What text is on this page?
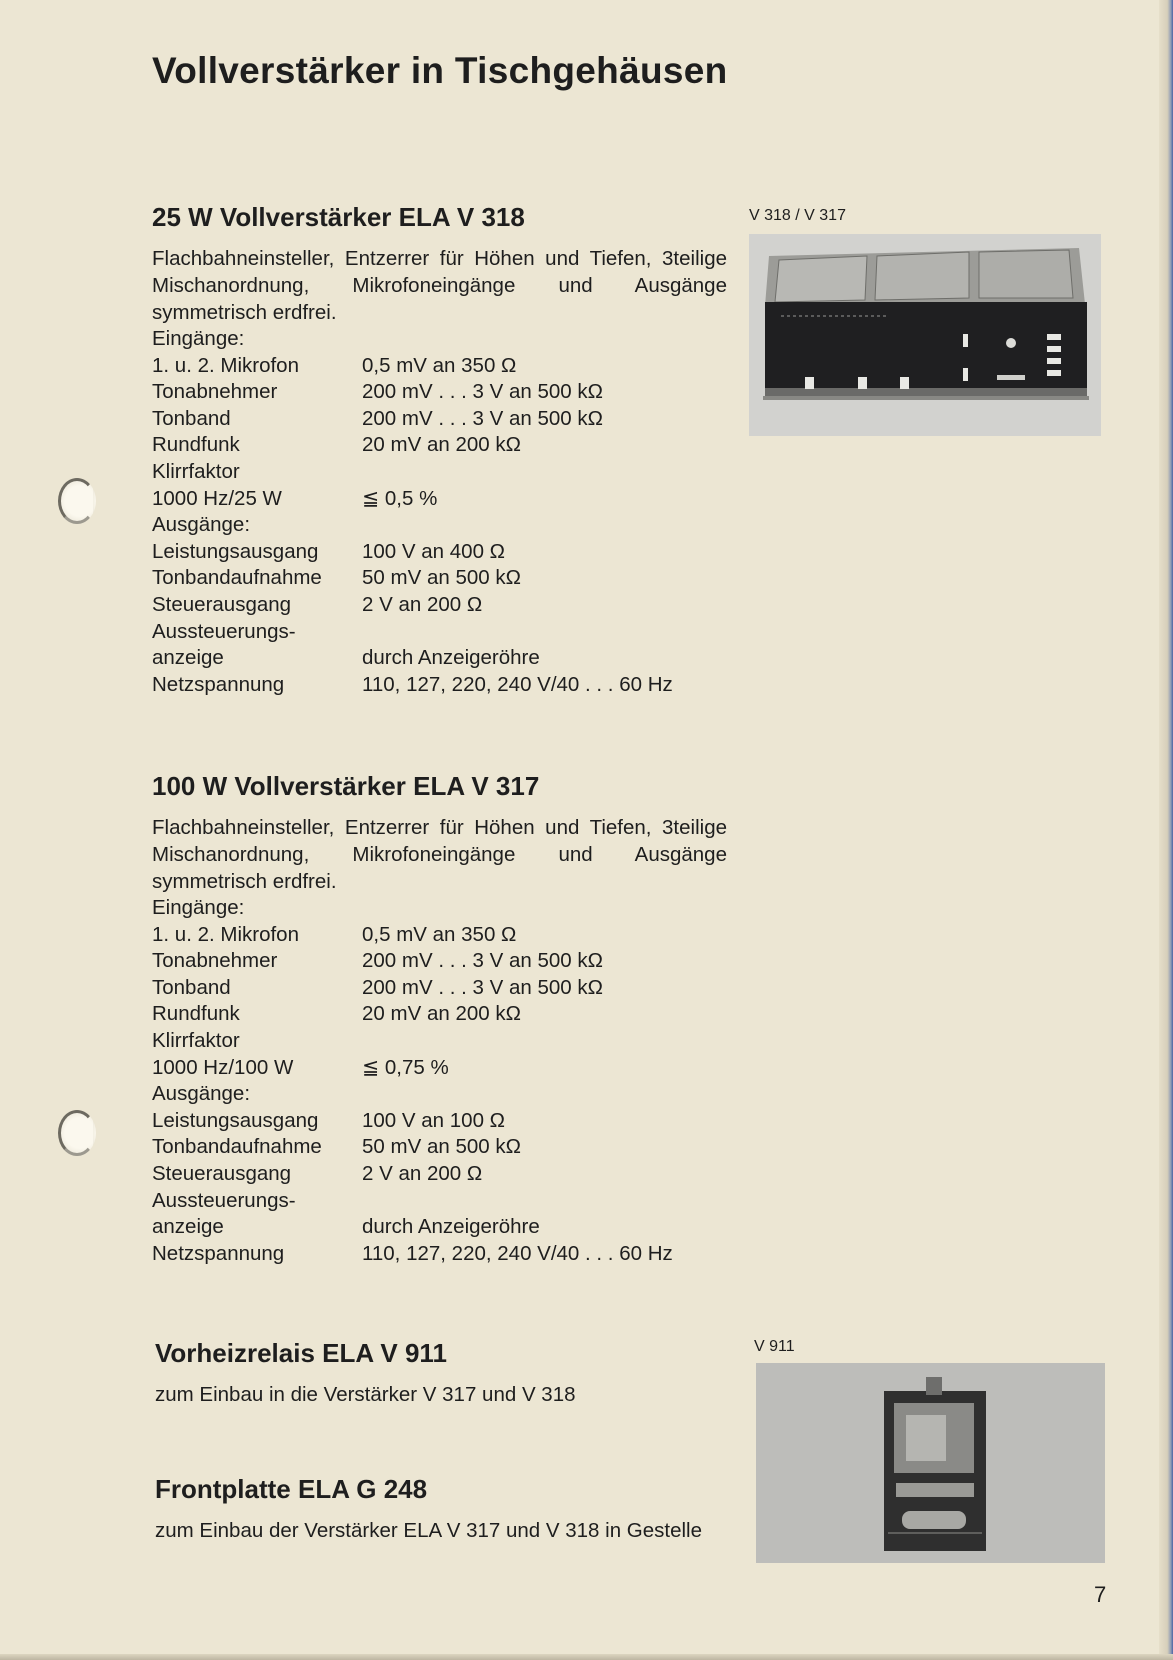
Vollverstärker in Tischgehäusen
25 W Vollverstärker ELA V 318

Flachbahneinsteller, Entzerrer für Höhen und Tiefen, 3teilige Mischanordnung, Mikrofoneingänge und Ausgänge symmetrisch erdfrei.

Eingänge:
1. u. 2. Mikrofon	0,5 mV an 350 Ω
Tonabnehmer	200 mV . . . 3 V an 500 kΩ
Tonband	200 mV . . . 3 V an 500 kΩ
Rundfunk	20 mV an 200 kΩ
Klirrfaktor
1000 Hz/25 W	≦ 0,5 %
Ausgänge:
Leistungsausgang	100 V an 400 Ω
Tonbandaufnahme	50 mV an 500 kΩ
Steuerausgang	2 V an 200 Ω
Aussteuerungs-
anzeige	durch Anzeigeröhre
Netzspannung	110, 127, 220, 240 V/40 . . . 60 Hz
100 W Vollverstärker ELA V 317

Flachbahneinsteller, Entzerrer für Höhen und Tiefen, 3teilige Mischanordnung, Mikrofoneingänge und Ausgänge symmetrisch erdfrei.

Eingänge:
1. u. 2. Mikrofon	0,5 mV an 350 Ω
Tonabnehmer	200 mV . . . 3 V an 500 kΩ
Tonband	200 mV . . . 3 V an 500 kΩ
Rundfunk	20 mV an 200 kΩ
Klirrfaktor
1000 Hz/100 W	≦ 0,75 %
Ausgänge:
Leistungsausgang	100 V an 100 Ω
Tonbandaufnahme	50 mV an 500 kΩ
Steuerausgang	2 V an 200 Ω
Aussteuerungs-
anzeige	durch Anzeigeröhre
Netzspannung	110, 127, 220, 240 V/40 . . . 60 Hz
Vorheizrelais ELA V 911

zum Einbau in die Verstärker V 317 und V 318

Frontplatte ELA G 248

zum Einbau der Verstärker ELA V 317 und V 318 in Gestelle

V 318 / V 317
V 911
7
